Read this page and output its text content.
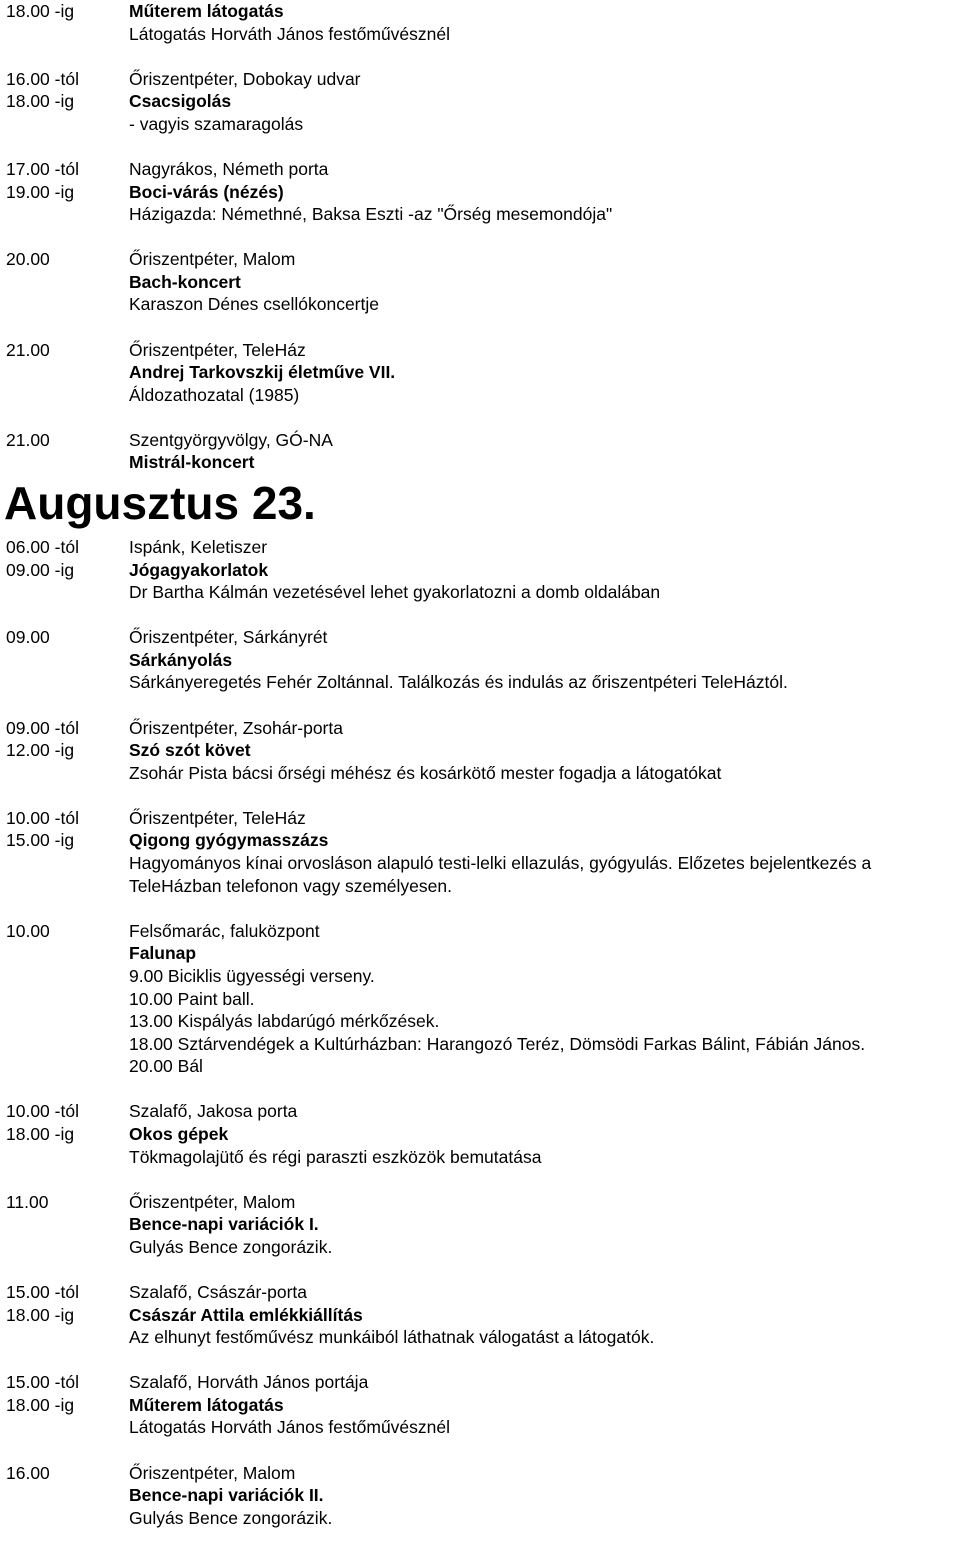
18.00 -ig	Műterem látogatás
Látogatás Horváth János festőművésznél
16.00 -tól	Őriszentpéter, Dobokay udvar
18.00 -ig	Csacsigolás
- vagyis szamaragolás
17.00 -tól	Nagyrákos, Németh porta
19.00 -ig	Boci-várás (nézés)
Házigazda: Némethné, Baksa Eszti -az "Őrség mesemondója"
20.00	Őriszentpéter, Malom
Bach-koncert
Karaszon Dénes csellókoncertje
21.00	Őriszentpéter, TeleHáz
Andrej Tarkovszkij életműve VII.
Áldozathozatal (1985)
21.00	Szentgyörgyvölgy, GÓ-NA
Mistrál-koncert
Augusztus 23.
06.00 -tól	Ispánk, Keletiszer
09.00 -ig	Jógagyakorlatok
Dr Bartha Kálmán vezetésével lehet gyakorlatozni a domb oldalában
09.00	Őriszentpéter, Sárkányrét
Sárkányolás
Sárkányeregetés Fehér Zoltánnal. Találkozás és indulás az őriszentpéteri TeleHáztól.
09.00 -tól	Őriszentpéter, Zsohár-porta
12.00 -ig	Szó szót követ
Zsohár Pista bácsi őrségi méhész és kosárkötő mester fogadja a látogatókat
10.00 -tól	Őriszentpéter, TeleHáz
15.00 -ig	Qigong gyógymasszázs
Hagyományos kínai orvosláson alapuló testi-lelki ellazulás, gyógyulás. Előzetes bejelentkezés a
TeleHázban telefonon vagy személyesen.
10.00	Felsőmarác, faluközpont
Falunap
9.00 Biciklis ügyességi verseny.
10.00 Paint ball.
13.00 Kispályás labdarúgó mérkőzések.
18.00 Sztárvendégek a Kultúrházban: Harangozó Teréz, Dömsödi Farkas Bálint, Fábián János.
20.00 Bál
10.00 -tól	Szalafő, Jakosa porta
18.00 -ig	Okos gépek
Tökmagolajütő és régi paraszti eszközök bemutatása
11.00	Őriszentpéter, Malom
Bence-napi variációk I.
Gulyás Bence zongorázik.
15.00 -tól	Szalafő, Császár-porta
18.00 -ig	Császár Attila emlékkiállítás
Az elhunyt festőművész munkáiból láthatnak válogatást a látogatók.
15.00 -tól	Szalafő, Horváth János portája
18.00 -ig	Műterem látogatás
Látogatás Horváth János festőművésznél
16.00	Őriszentpéter, Malom
Bence-napi variációk II.
Gulyás Bence zongorázik.
